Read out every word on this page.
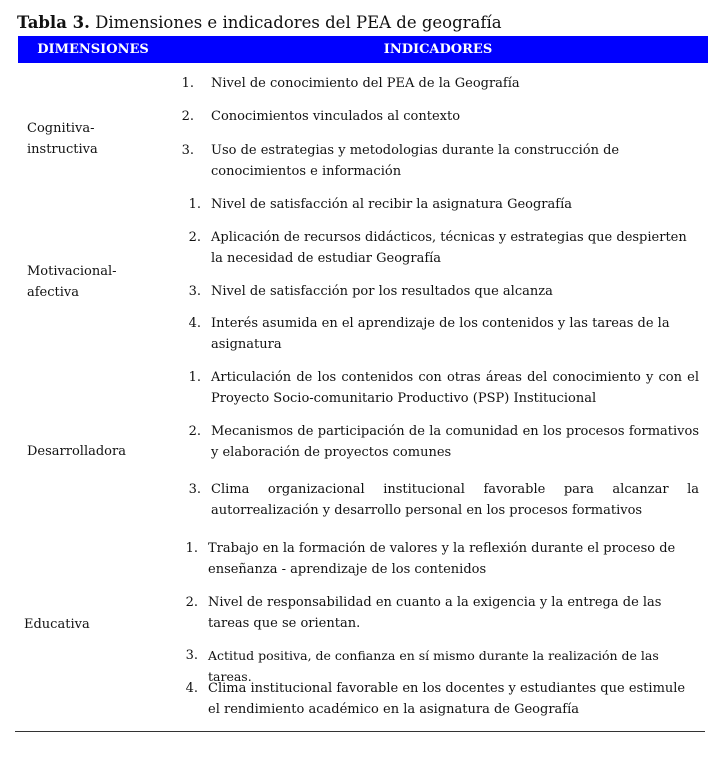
Tabla 3. Dimensiones e indicadores del PEA de geografía
DIMENSIONES	INDICADORES
Cognitiva-
instructiva
1. Nivel de conocimiento del PEA de la Geografía
2. Conocimientos vinculados al contexto
3. Uso de estrategias y metodologias durante la construcción de conocimientos e información
Motivacional-
afectiva
1. Nivel de satisfacción al recibir la asignatura Geografía
2. Aplicación de recursos didácticos, técnicas y estrategias que despierten la necesidad de estudiar Geografía
3. Nivel de satisfacción por los resultados que alcanza
4. Interés asumida en el aprendizaje de los contenidos y las tareas de la asignatura
Desarrolladora
1. Articulación de los contenidos con otras áreas del conocimiento y con el Proyecto Socio-comunitario Productivo (PSP) Institucional
2. Mecanismos de participación de la comunidad en los procesos formativos y elaboración de proyectos comunes
3. Clima organizacional institucional favorable para alcanzar la autorrealización y desarrollo personal en los procesos formativos
Educativa
1. Trabajo en la formación de valores y la reflexión durante el proceso de enseñanza - aprendizaje de los contenidos
2. Nivel de responsabilidad en cuanto a la exigencia y la entrega de las tareas que se orientan.
3. Actitud positiva, de confianza en sí mismo durante la realización de las tareas.
4. Clima institucional favorable en los docentes y estudiantes que estimule el rendimiento académico en la asignatura de Geografía
